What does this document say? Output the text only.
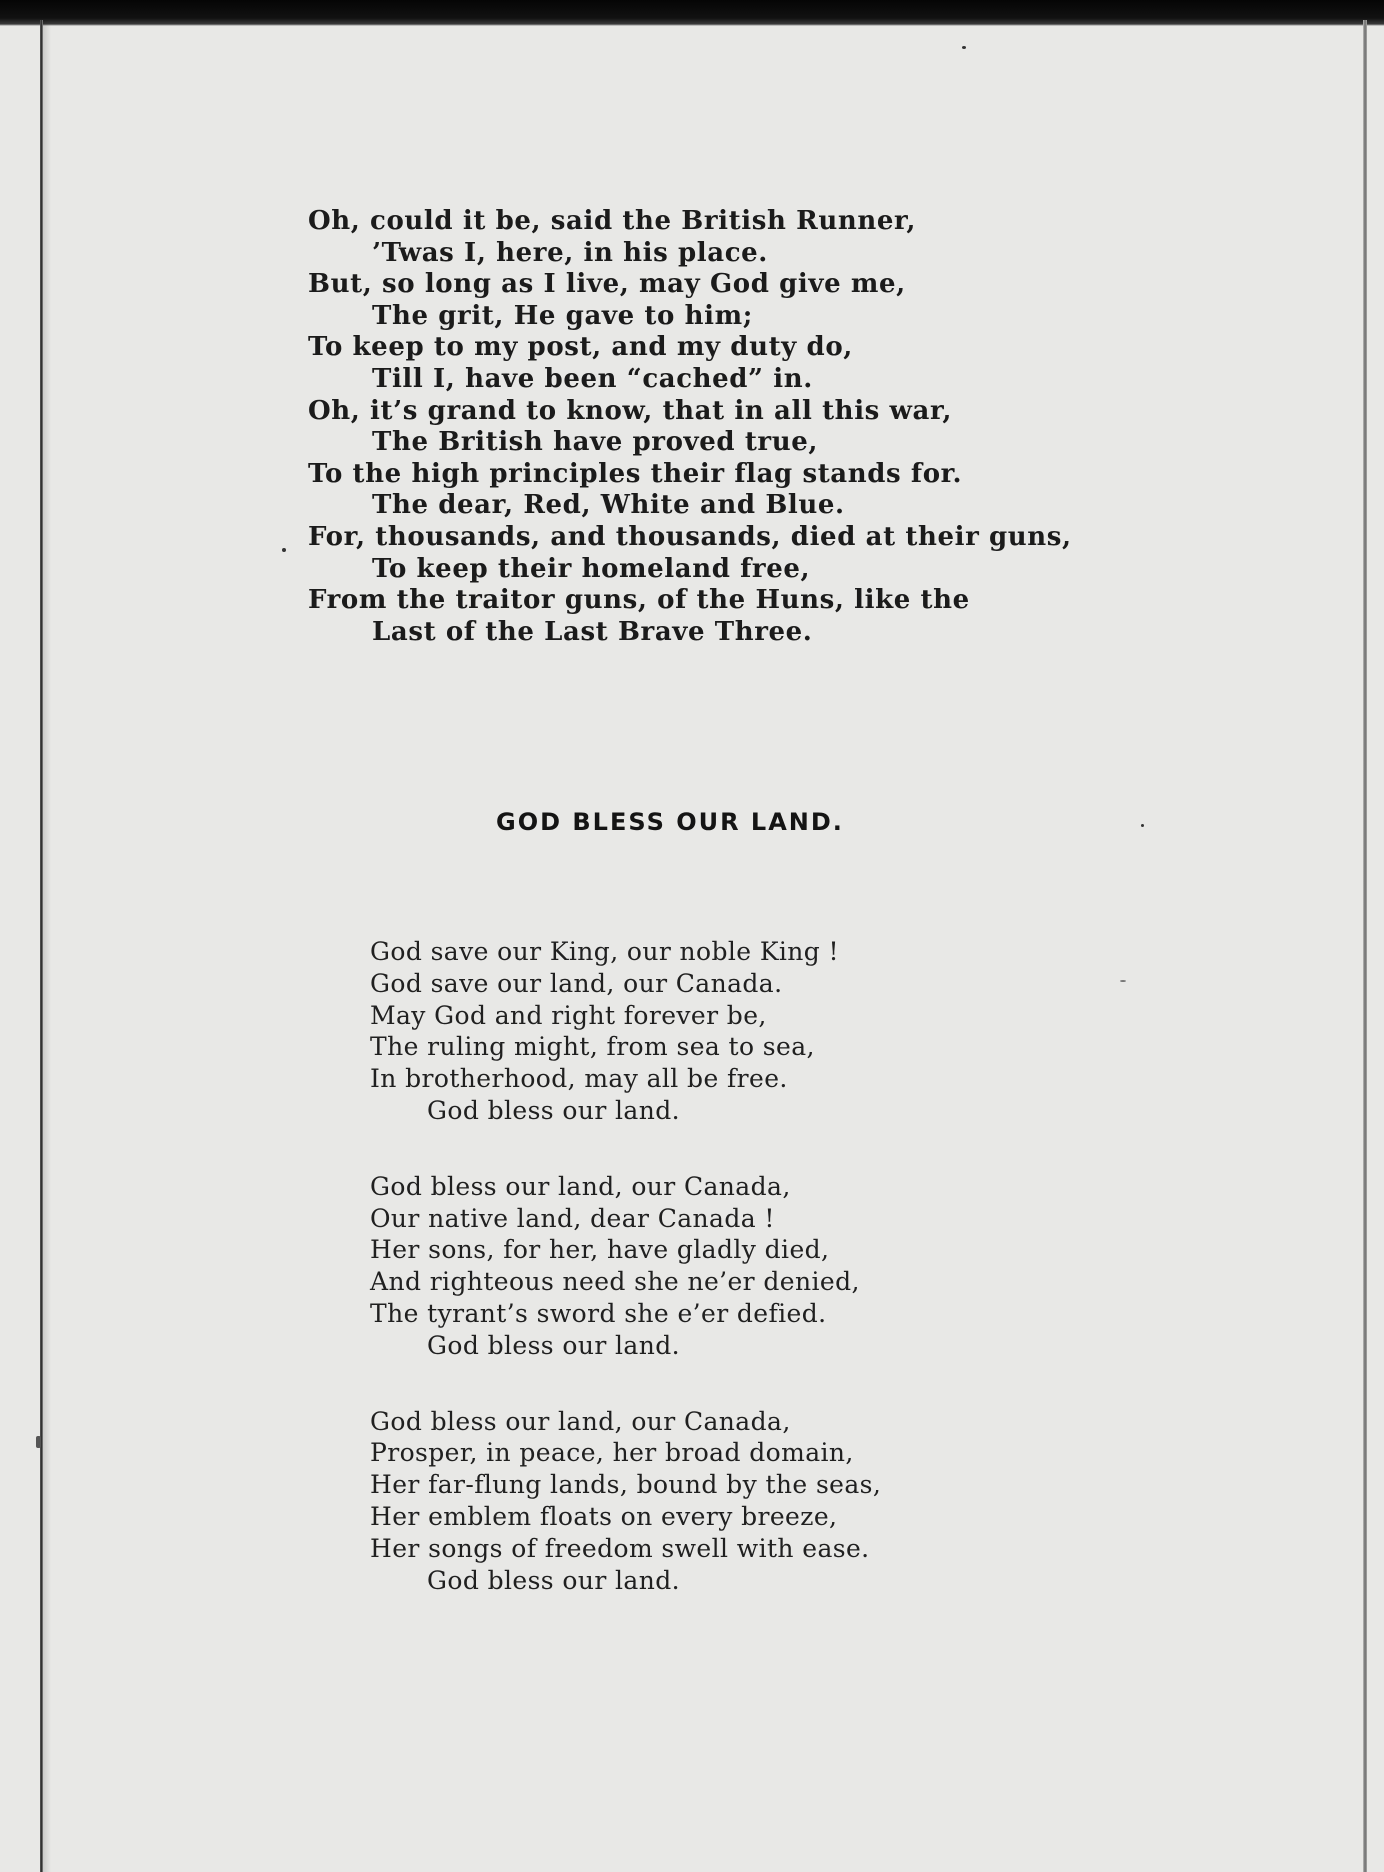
Oh, could it be, said the British Runner,
’Twas I, here, in his place.
But, so long as I live, may God give me,
The grit, He gave to him;
To keep to my post, and my duty do,
Till I, have been “cached” in.
Oh, it’s grand to know, that in all this war,
The British have proved true,
To the high principles their flag stands for.
The dear, Red, White and Blue.
For, thousands, and thousands, died at their guns,
To keep their homeland free,
From the traitor guns, of the Huns, like the
Last of the Last Brave Three.
GOD BLESS OUR LAND.
God save our King, our noble King !
God save our land, our Canada.
May God and right forever be,
The ruling might, from sea to sea,
In brotherhood, may all be free.
God bless our land.
God bless our land, our Canada,
Our native land, dear Canada !
Her sons, for her, have gladly died,
And righteous need she ne’er denied,
The tyrant’s sword she e’er defied.
God bless our land.
God bless our land, our Canada,
Prosper, in peace, her broad domain,
Her far-flung lands, bound by the seas,
Her emblem floats on every breeze,
Her songs of freedom swell with ease.
God bless our land.
